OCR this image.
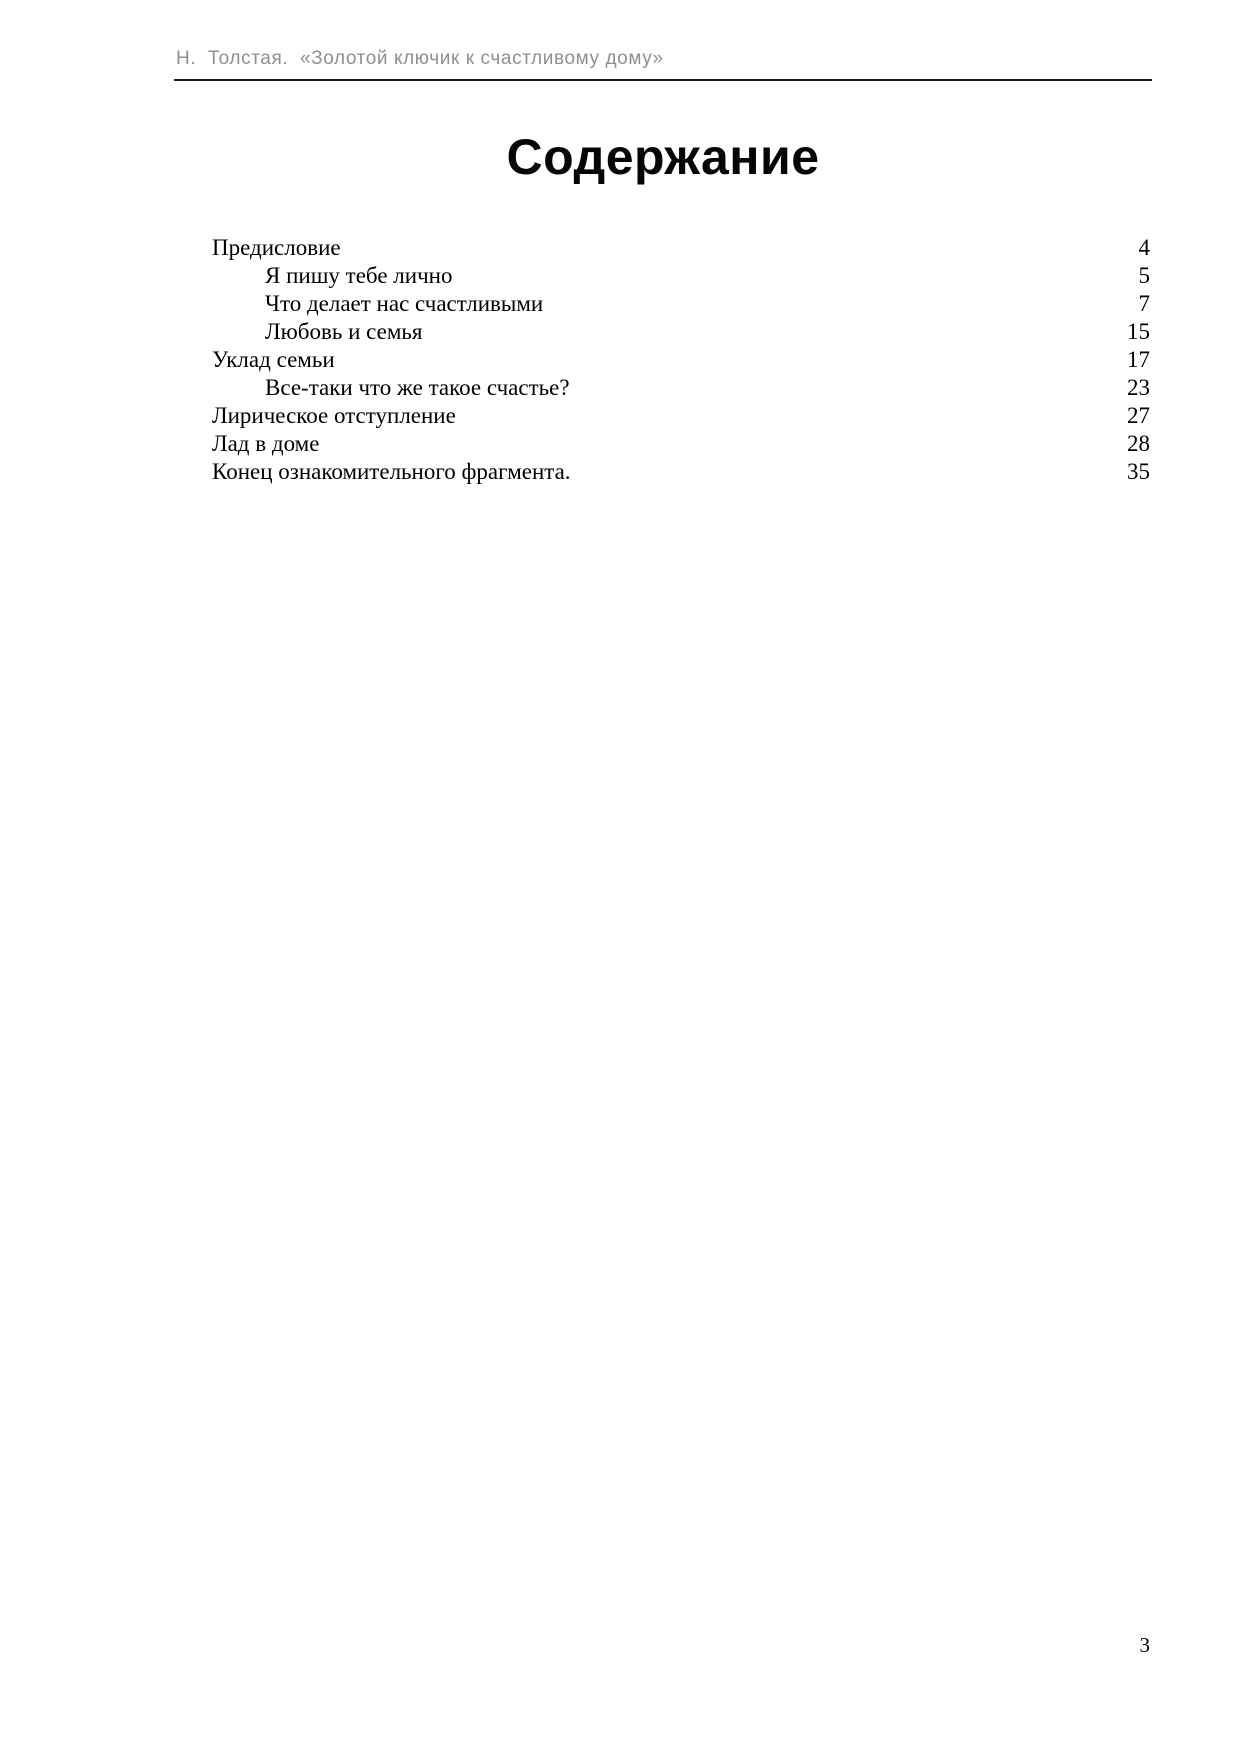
Н.  Толстая.  «Золотой ключик к счастливому дому»
Содержание
Предисловие	4
Я пишу тебе лично	5
Что делает нас счастливыми	7
Любовь и семья	15
Уклад семьи	17
Все-таки что же такое счастье?	23
Лирическое отступление	27
Лад в доме	28
Конец ознакомительного фрагмента.	35
3
